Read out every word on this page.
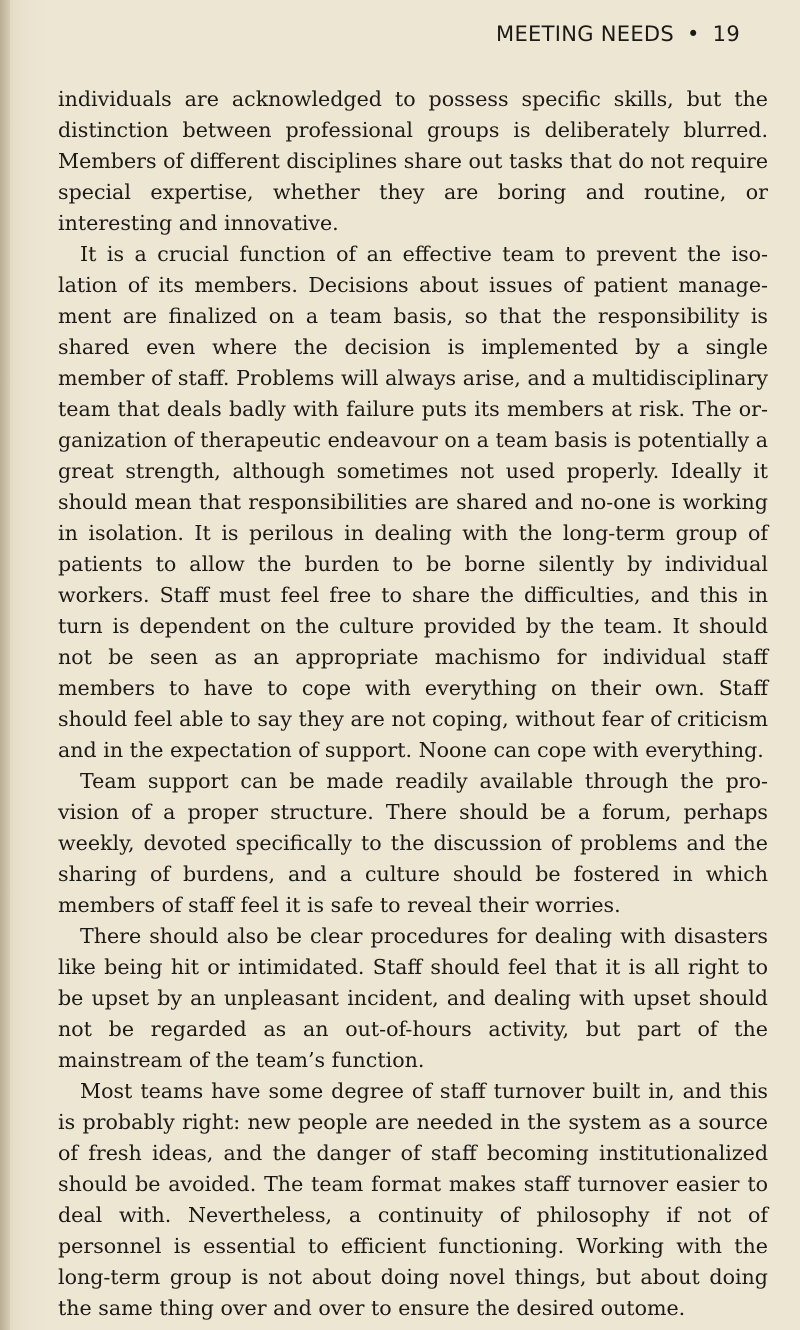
MEETING NEEDS • 19

individuals are acknowledged to possess specific skills, but the distinction between professional groups is deliberately blurred. Members of different disciplines share out tasks that do not require special expertise, whether they are boring and routine, or interesting and innovative.

It is a crucial function of an effective team to prevent the isolation of its members. Decisions about issues of patient management are finalized on a team basis, so that the responsibility is shared even where the decision is implemented by a single member of staff. Problems will always arise, and a multidisciplinary team that deals badly with failure puts its members at risk. The organization of therapeutic endeavour on a team basis is potentially a great strength, although sometimes not used properly. Ideally it should mean that responsibilities are shared and no-one is working in isolation. It is perilous in dealing with the long-term group of patients to allow the burden to be borne silently by individual workers. Staff must feel free to share the difficulties, and this in turn is dependent on the culture provided by the team. It should not be seen as an appropriate machismo for individual staff members to have to cope with everything on their own. Staff should feel able to say they are not coping, without fear of criticism and in the expectation of support. Noone can cope with everything.

Team support can be made readily available through the provision of a proper structure. There should be a forum, perhaps weekly, devoted specifically to the discussion of problems and the sharing of burdens, and a culture should be fostered in which members of staff feel it is safe to reveal their worries.

There should also be clear procedures for dealing with disasters like being hit or intimidated. Staff should feel that it is all right to be upset by an unpleasant incident, and dealing with upset should not be regarded as an out-of-hours activity, but part of the mainstream of the team’s function.

Most teams have some degree of staff turnover built in, and this is probably right: new people are needed in the system as a source of fresh ideas, and the danger of staff becoming institutionalized should be avoided. The team format makes staff turnover easier to deal with. Nevertheless, a continuity of philosophy if not of personnel is essential to efficient functioning. Working with the long-term group is not about doing novel things, but about doing the same thing over and over to ensure the desired outome.
